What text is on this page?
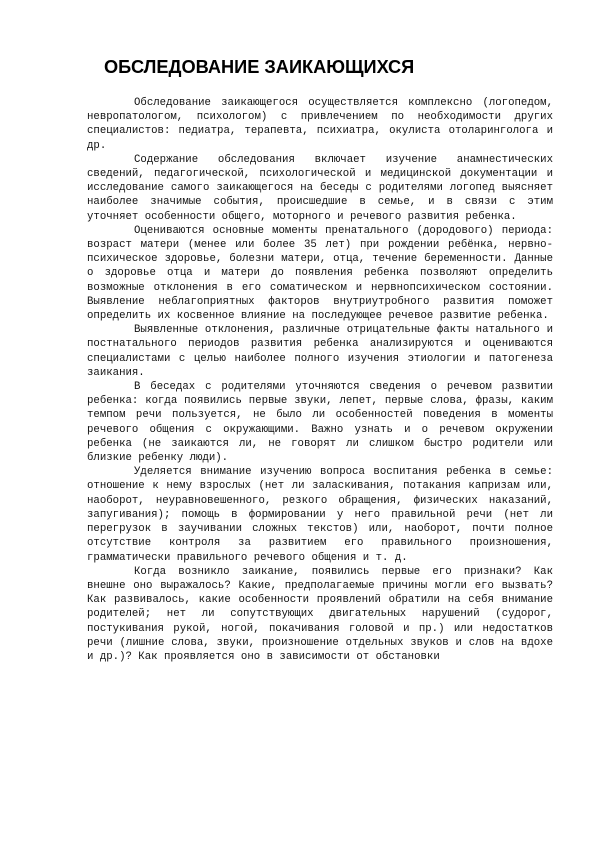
ОБСЛЕДОВАНИЕ ЗАИКАЮЩИХСЯ

Обследование заикающегося осуществляется комплексно (логопедом, невропатологом, психологом) с привлечением по необходимости других специалистов: педиатра, терапевта, психиатра, окулиста отоларинголога и др.

Содержание обследования включает изучение анамнестических сведений, педагогической, психологической и медицинской документации и исследование самого заикающегося на беседы с родителями логопед выясняет наиболее значимые события, происшедшие в семье, и в связи с этим уточняет особенности общего, моторного и речевого развития ребенка.

Оцениваются основные моменты пренатального (дородового) периода: возраст матери (менее или более 35 лет) при рождении ребёнка, нервно-психическое здоровье, болезни матери, отца, течение беременности. Данные о здоровье отца и матери до появления ребенка позволяют определить возможные отклонения в его соматическом и нервнопсихическом состоянии. Выявление неблагоприятных факторов внутриутробного развития поможет определить их косвенное влияние на последующее речевое развитие ребенка.

Выявленные отклонения, различные отрицательные факты натального и постнатального периодов развития ребенка анализируются и оцениваются специалистами с целью наиболее полного изучения этиологии и патогенеза заикания.

В беседах с родителями уточняются сведения о речевом развитии ребенка: когда появились первые звуки, лепет, первые слова, фразы, каким темпом речи пользуется, не было ли особенностей поведения в моменты речевого общения с окружающими. Важно узнать и о речевом окружении ребенка (не заикаются ли, не говорят ли слишком быстро родители или близкие ребенку люди).

Уделяется внимание изучению вопроса воспитания ребенка в семье: отношение к нему взрослых (нет ли заласкивания, потакания капризам или, наоборот, неуравновешенного, резкого обращения, физических наказаний, запугивания); помощь в формировании у него правильной речи (нет ли перегрузок в заучивании сложных текстов) или, наоборот, почти полное отсутствие контроля за развитием его правильного произношения, грамматически правильного речевого общения и т. д.

Когда возникло заикание, появились первые его признаки? Как внешне оно выражалось? Какие, предполагаемые причины могли его вызвать? Как развивалось, какие особенности проявлений обратили на себя внимание родителей; нет ли сопутствующих двигательных нарушений (судорог, постукивания рукой, ногой, покачивания головой и пр.) или недостатков речи (лишние слова, звуки, произношение отдельных звуков и слов на вдохе и др.)? Как проявляется оно в зависимости от обстановки
